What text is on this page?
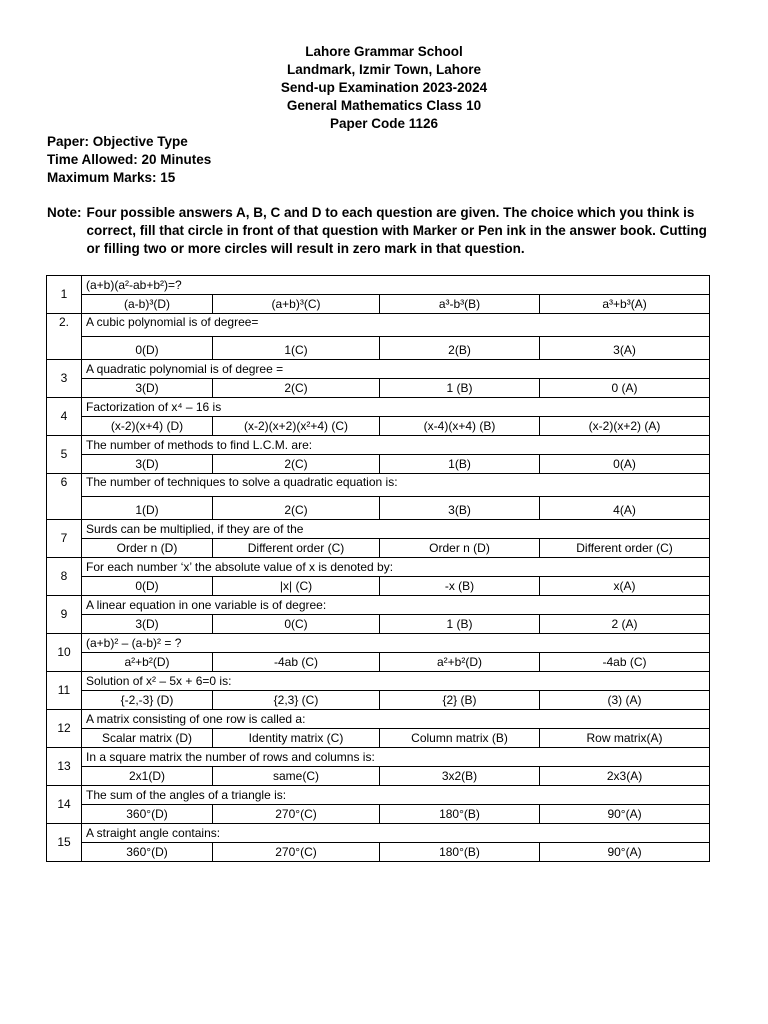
Lahore Grammar School
Landmark, Izmir Town, Lahore
Send-up Examination 2023-2024
General Mathematics Class 10
Paper Code 1126
Paper: Objective Type
Time Allowed: 20 Minutes
Maximum Marks: 15
Note: Four possible answers A, B, C and D to each question are given. The choice which you think is correct, fill that circle in front of that question with Marker or Pen ink in the answer book. Cutting or filling two or more circles will result in zero mark in that question.
1	(a+b)(a²-ab+b²)=?			
	(a-b)³(D)	(a+b)³(C)	a³-b³(B)	a³+b³(A)
2.	A cubic polynomial is of degree=			
	0(D)	1(C)	2(B)	3(A)
3	A quadratic polynomial is of degree =			
	3(D)	2(C)	1 (B)	0 (A)
4	Factorization of x⁴ – 16 is			
	(x-2)(x+4) (D)	(x-2)(x+2)(x²+4) (C)	(x-4)(x+4) (B)	(x-2)(x+2) (A)
5	The number of methods to find L.C.M. are:			
	3(D)	2(C)	1(B)	0(A)
6	The number of techniques to solve a quadratic equation is:			
	1(D)	2(C)	3(B)	4(A)
7	Surds can be multiplied, if they are of the			
	Order n (D)	Different order (C)	Order n (D)	Different order (C)
8	For each number ‘x’ the absolute value of x is denoted by:			
	0(D)	|x| (C)	-x (B)	x(A)
9	A linear equation in one variable is of degree:			
	3(D)	0(C)	1 (B)	2 (A)
10	(a+b)² – (a-b)² = ?			
	a²+b²(D)	-4ab (C)	a²+b²(D)	-4ab (C)
11	Solution of x² – 5x + 6=0 is:			
	{-2,-3} (D)	{2,3} (C)	{2} (B)	(3) (A)
12	A matrix consisting of one row is called a:			
	Scalar matrix (D)	Identity matrix (C)	Column matrix (B)	Row matrix(A)
13	In a square matrix the number of rows and columns is:			
	2x1(D)	same(C)	3x2(B)	2x3(A)
14	The sum of the angles of a triangle is:			
	360°(D)	270°(C)	180°(B)	90°(A)
15	A straight angle contains:			
	360°(D)	270°(C)	180°(B)	90°(A)
